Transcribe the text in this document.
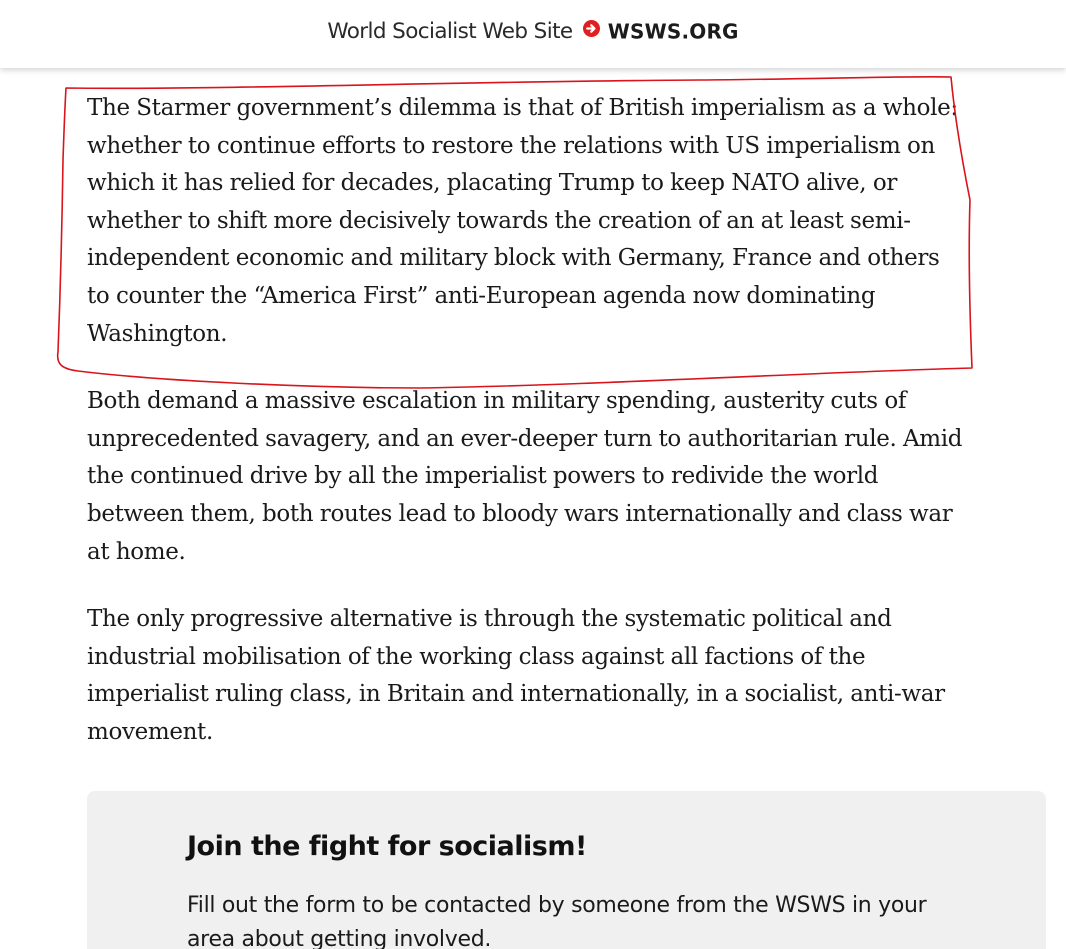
World Socialist Web Site WSWS.ORG

The Starmer government’s dilemma is that of British imperialism as a whole: whether to continue efforts to restore the relations with US imperialism on which it has relied for decades, placating Trump to keep NATO alive, or whether to shift more decisively towards the creation of an at least semi-independent economic and military block with Germany, France and others to counter the “America First” anti-European agenda now dominating Washington.

Both demand a massive escalation in military spending, austerity cuts of unprecedented savagery, and an ever-deeper turn to authoritarian rule. Amid the continued drive by all the imperialist powers to redivide the world between them, both routes lead to bloody wars internationally and class war at home.

The only progressive alternative is through the systematic political and industrial mobilisation of the working class against all factions of the imperialist ruling class, in Britain and internationally, in a socialist, anti-war movement.

Join the fight for socialism!

Fill out the form to be contacted by someone from the WSWS in your area about getting involved.
